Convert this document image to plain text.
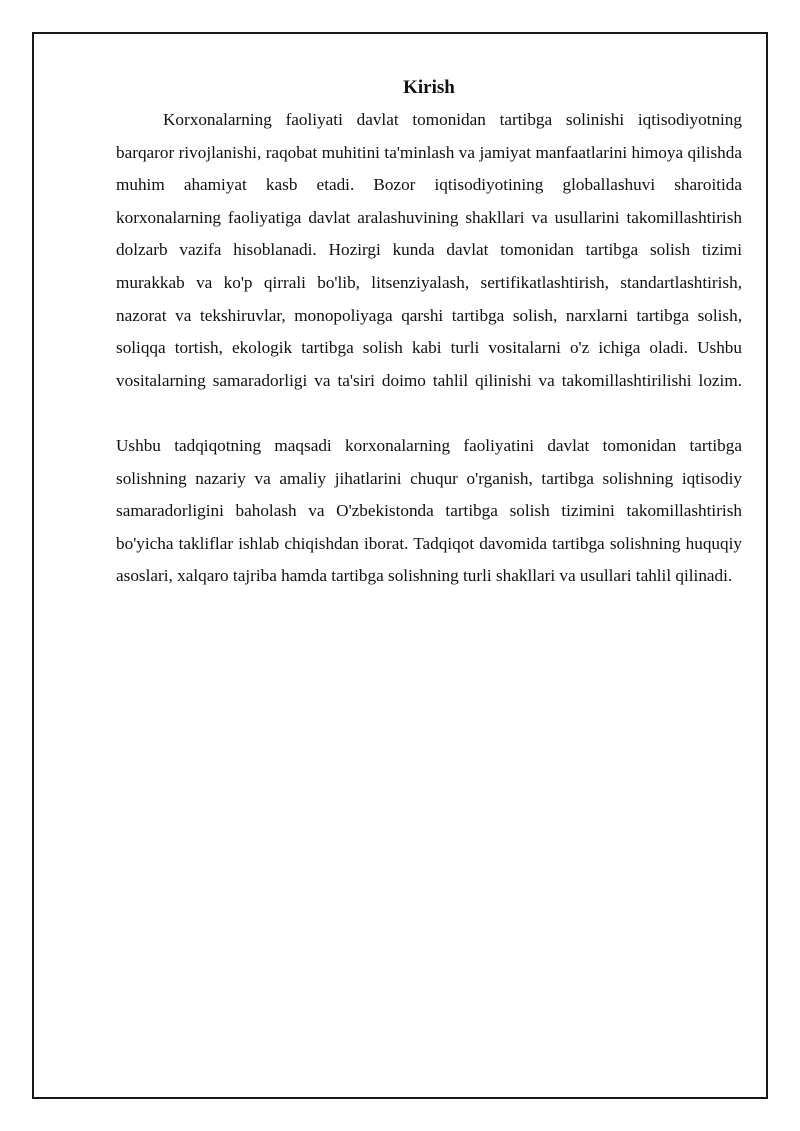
Kirish

Korxonalarning faoliyati davlat tomonidan tartibga solinishi iqtisodiyotning barqaror rivojlanishi, raqobat muhitini ta'minlash va jamiyat manfaatlarini himoya qilishda muhim ahamiyat kasb etadi. Bozor iqtisodiyotining globallashuvi sharoitida korxonalarning faoliyatiga davlat aralashuvining shakllari va usullarini takomillashtirish dolzarb vazifa hisoblanadi. Hozirgi kunda davlat tomonidan tartibga solish tizimi murakkab va ko'p qirrali bo'lib, litsenziyalash, sertifikatlashtirish, standartlashtirish, nazorat va tekshiruvlar, monopoliyaga qarshi tartibga solish, narxlarni tartibga solish, soliqqa tortish, ekologik tartibga solish kabi turli vositalarni o'z ichiga oladi. Ushbu vositalarning samaradorligi va ta'siri doimo tahlil qilinishi va takomillashtirilishi lozim.

Ushbu tadqiqotning maqsadi korxonalarning faoliyatini davlat tomonidan tartibga solishning nazariy va amaliy jihatlarini chuqur o'rganish, tartibga solishning iqtisodiy samaradorligini baholash va O'zbekistonda tartibga solish tizimini takomillashtirish bo'yicha takliflar ishlab chiqishdan iborat. Tadqiqot davomida tartibga solishning huquqiy asoslari, xalqaro tajriba hamda tartibga solishning turli shakllari va usullari tahlil qilinadi.
